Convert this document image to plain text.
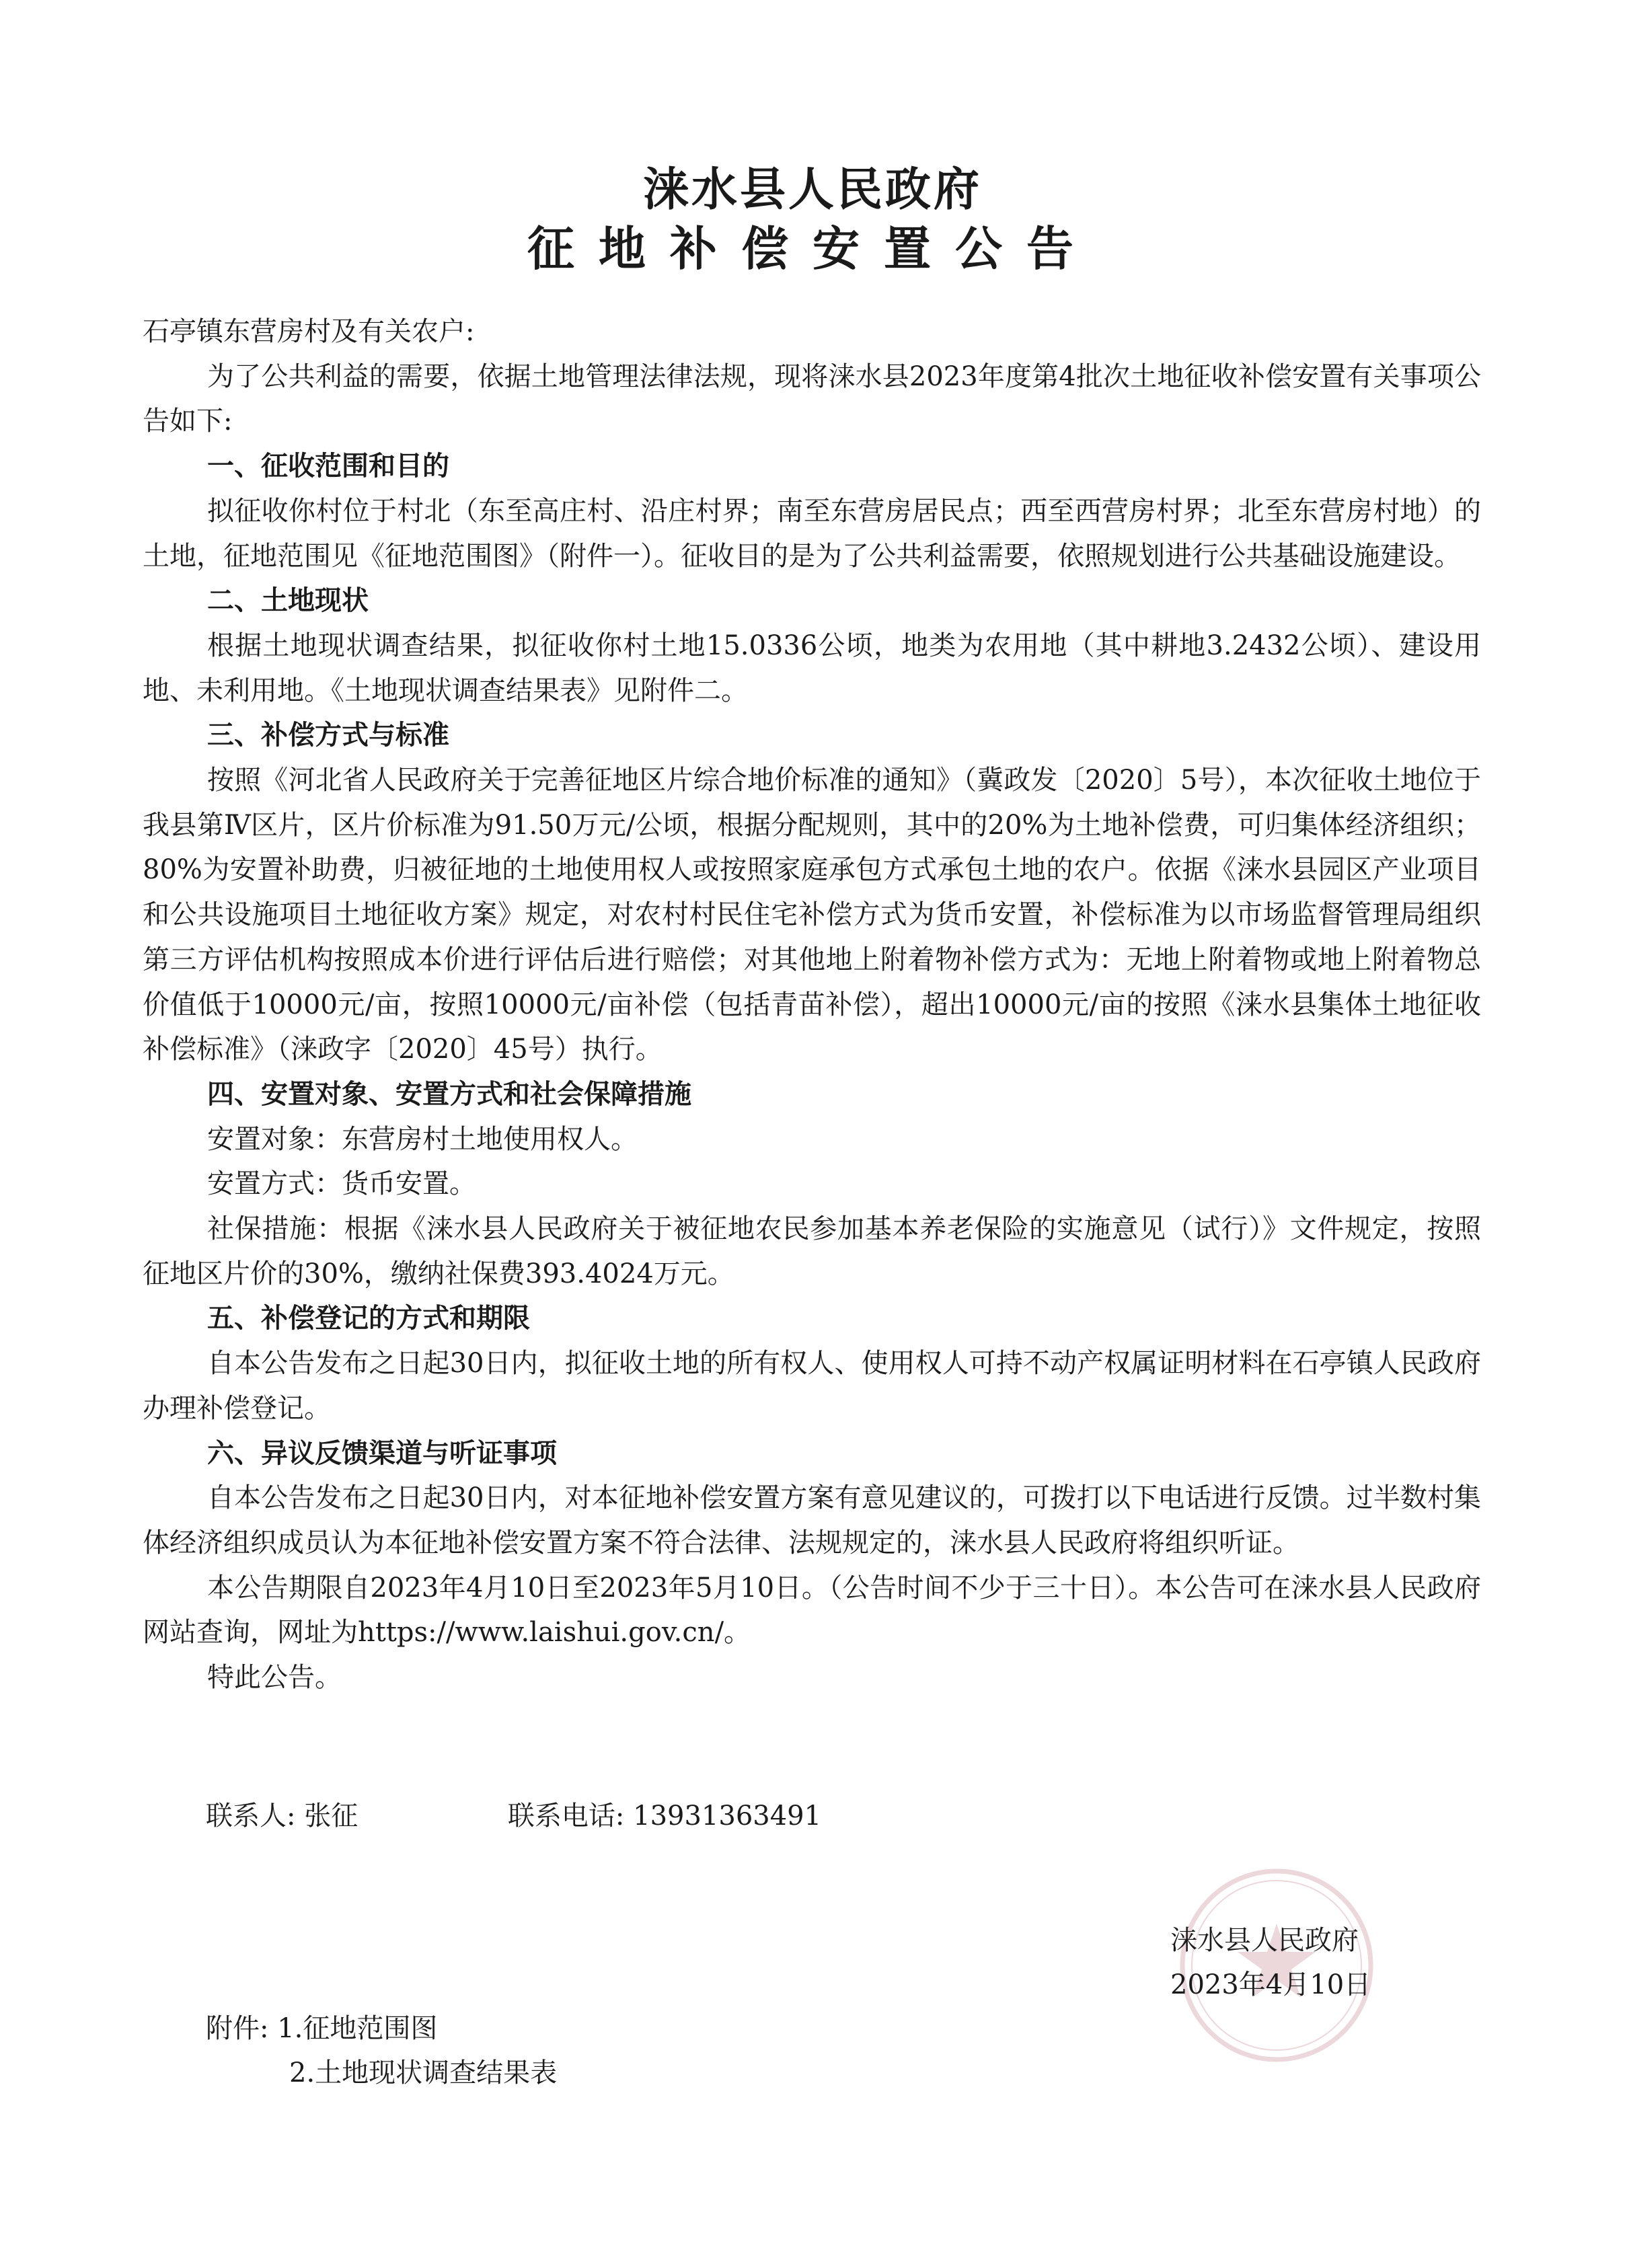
涞水县人民政府
征地补偿安置公告

石亭镇东营房村及有关农户:

为了公共利益的需要，依据土地管理法律法规，现将涞水县2023年度第4批次土地征收补偿安置有关事项公告如下:

一、征收范围和目的

拟征收你村位于村北（东至高庄村、沿庄村界；南至东营房居民点；西至西营房村界；北至东营房村地）的土地，征地范围见《征地范围图》（附件一）。征收目的是为了公共利益需要，依照规划进行公共基础设施建设。

二、土地现状

根据土地现状调查结果，拟征收你村土地15.0336公顷，地类为农用地（其中耕地3.2432公顷）、建设用地、未利用地。《土地现状调查结果表》见附件二。

三、补偿方式与标准

按照《河北省人民政府关于完善征地区片综合地价标准的通知》（冀政发〔2020〕5号），本次征收土地位于我县第Ⅳ区片，区片价标准为91.50万元/公顷，根据分配规则，其中的20%为土地补偿费，可归集体经济组织；80%为安置补助费，归被征地的土地使用权人或按照家庭承包方式承包土地的农户。依据《涞水县园区产业项目和公共设施项目土地征收方案》规定，对农村村民住宅补偿方式为货币安置，补偿标准为以市场监督管理局组织第三方评估机构按照成本价进行评估后进行赔偿；对其他地上附着物补偿方式为：无地上附着物或地上附着物总价值低于10000元/亩，按照10000元/亩补偿（包括青苗补偿），超出10000元/亩的按照《涞水县集体土地征收补偿标准》（涞政字〔2020〕45号）执行。

四、安置对象、安置方式和社会保障措施

安置对象：东营房村土地使用权人。

安置方式：货币安置。

社保措施：根据《涞水县人民政府关于被征地农民参加基本养老保险的实施意见（试行）》文件规定，按照征地区片价的30%，缴纳社保费393.4024万元。

五、补偿登记的方式和期限

自本公告发布之日起30日内，拟征收土地的所有权人、使用权人可持不动产权属证明材料在石亭镇人民政府办理补偿登记。

六、异议反馈渠道与听证事项

自本公告发布之日起30日内，对本征地补偿安置方案有意见建议的，可拨打以下电话进行反馈。过半数村集体经济组织成员认为本征地补偿安置方案不符合法律、法规规定的，涞水县人民政府将组织听证。

本公告期限自2023年4月10日至2023年5月10日。（公告时间不少于三十日）。本公告可在涞水县人民政府网站查询，网址为https://www.laishui.gov.cn/。

特此公告。

联系人: 张征	联系电话: 13931363491
涞水县人民政府
2023年4月10日
附件: 1.征地范围图
2.土地现状调查结果表
